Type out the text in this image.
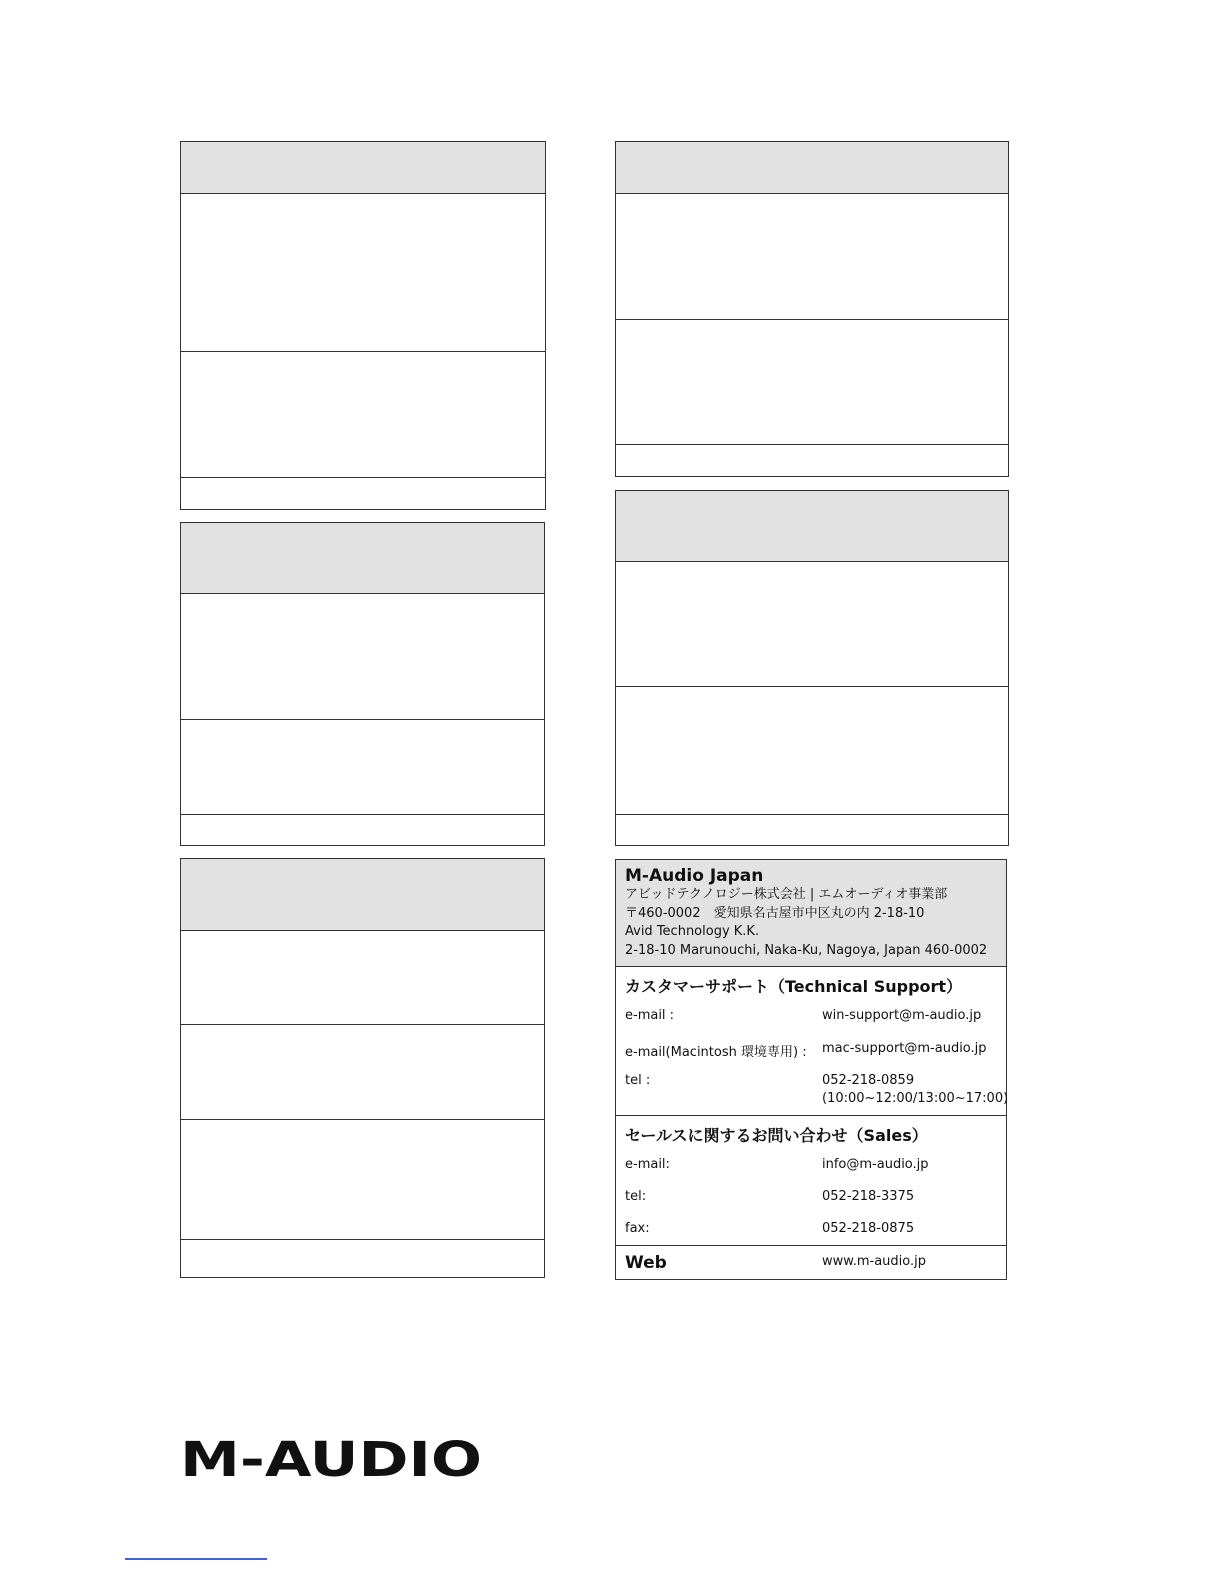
M-Audio Japan
アビッドテクノロジー株式会社 | エムオーディオ事業部
〒460-0002　愛知県名古屋市中区丸の内 2-18-10
Avid Technology K.K.
2-18-10 Marunouchi, Naka-Ku, Nagoya, Japan 460-0002
カスタマーサポート（Technical Support）
e-mail :	win-support@m-audio.jp
e-mail(Macintosh 環境専用) : mac-support@m-audio.jp
tel :	052-218-0859
(10:00~12:00/13:00~17:00)
セールスに関するお問い合わせ（Sales）
e-mail:	info@m-audio.jp
tel:	052-218-3375
fax:	052-218-0875
Web	www.m-audio.jp
M-AUDIO
